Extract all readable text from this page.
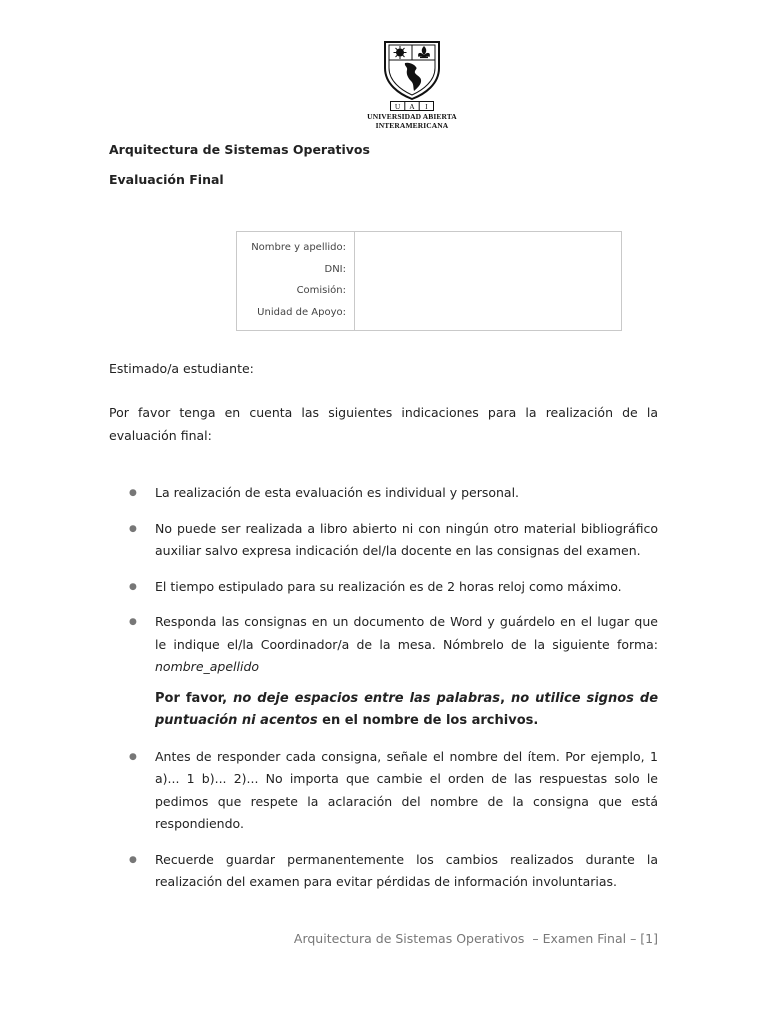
U A I
UNIVERSIDAD ABIERTA
INTERAMERICANA
Arquitectura de Sistemas Operativos
Evaluación Final
Nombre y apellido:
DNI:
Comisión:
Unidad de Apoyo:
Estimado/a estudiante:
Por favor tenga en cuenta las siguientes indicaciones para la realización de la evaluación final:
● La realización de esta evaluación es individual y personal.
● No puede ser realizada a libro abierto ni con ningún otro material bibliográfico auxiliar salvo expresa indicación del/la docente en las consignas del examen.
● El tiempo estipulado para su realización es de 2 horas reloj como máximo.
● Responda las consignas en un documento de Word y guárdelo en el lugar que le indique el/la Coordinador/a de la mesa. Nómbrelo de la siguiente forma: nombre_apellido
Por favor, no deje espacios entre las palabras, no utilice signos de puntuación ni acentos en el nombre de los archivos.
● Antes de responder cada consigna, señale el nombre del ítem. Por ejemplo, 1 a)... 1 b)... 2)... No importa que cambie el orden de las respuestas solo le pedimos que respete la aclaración del nombre de la consigna que está respondiendo.
● Recuerde guardar permanentemente los cambios realizados durante la realización del examen para evitar pérdidas de información involuntarias.
Arquitectura de Sistemas Operativos  – Examen Final – [1]
